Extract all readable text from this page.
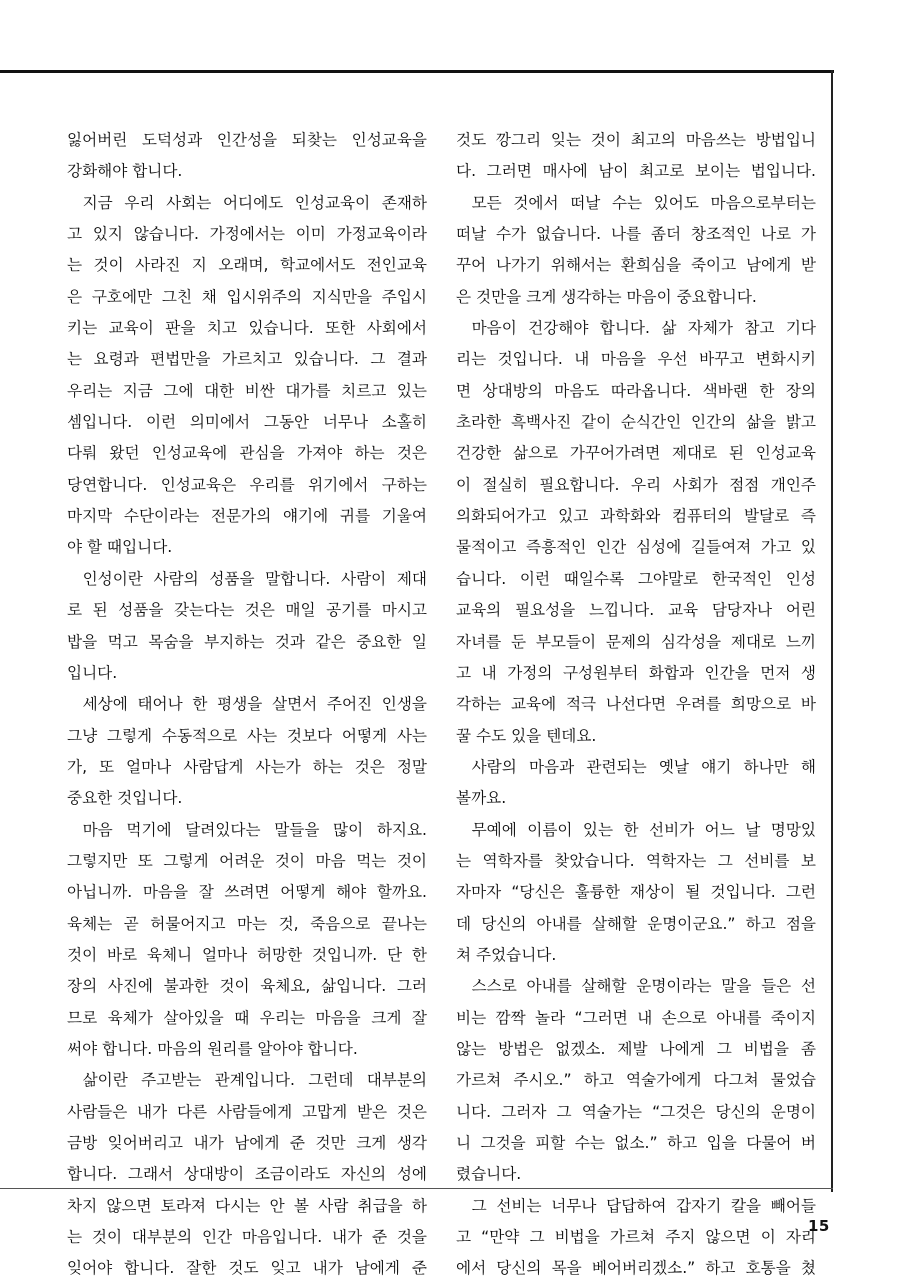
잃어버린 도덕성과 인간성을 되찾는 인성교육을
강화해야 합니다.
지금 우리 사회는 어디에도 인성교육이 존재하
고 있지 않습니다. 가정에서는 이미 가정교육이라
는 것이 사라진 지 오래며, 학교에서도 전인교육
은 구호에만 그친 채 입시위주의 지식만을 주입시
키는 교육이 판을 치고 있습니다. 또한 사회에서
는 요령과 편법만을 가르치고 있습니다. 그 결과
우리는 지금 그에 대한 비싼 대가를 치르고 있는
셈입니다. 이런 의미에서 그동안 너무나 소홀히
다뤄 왔던 인성교육에 관심을 가져야 하는 것은
당연합니다. 인성교육은 우리를 위기에서 구하는
마지막 수단이라는 전문가의 얘기에 귀를 기울여
야 할 때입니다.
인성이란 사람의 성품을 말합니다. 사람이 제대
로 된 성품을 갖는다는 것은 매일 공기를 마시고
밥을 먹고 목숨을 부지하는 것과 같은 중요한 일
입니다.
세상에 태어나 한 평생을 살면서 주어진 인생을
그냥 그렇게 수동적으로 사는 것보다 어떻게 사는
가, 또 얼마나 사람답게 사는가 하는 것은 정말
중요한 것입니다.
마음 먹기에 달려있다는 말들을 많이 하지요.
그렇지만 또 그렇게 어려운 것이 마음 먹는 것이
아닙니까. 마음을 잘 쓰려면 어떻게 해야 할까요.
육체는 곧 허물어지고 마는 것, 죽음으로 끝나는
것이 바로 육체니 얼마나 허망한 것입니까. 단 한
장의 사진에 불과한 것이 육체요, 삶입니다. 그러
므로 육체가 살아있을 때 우리는 마음을 크게 잘
써야 합니다. 마음의 원리를 알아야 합니다.
삶이란 주고받는 관계입니다. 그런데 대부분의
사람들은 내가 다른 사람들에게 고맙게 받은 것은
금방 잊어버리고 내가 남에게 준 것만 크게 생각
합니다. 그래서 상대방이 조금이라도 자신의 성에
차지 않으면 토라져 다시는 안 볼 사람 취급을 하
는 것이 대부분의 인간 마음입니다. 내가 준 것을
잊어야 합니다. 잘한 것도 잊고 내가 남에게 준
것도 깡그리 잊는 것이 최고의 마음쓰는 방법입니
다. 그러면 매사에 남이 최고로 보이는 법입니다.
모든 것에서 떠날 수는 있어도 마음으로부터는
떠날 수가 없습니다. 나를 좀더 창조적인 나로 가
꾸어 나가기 위해서는 환희심을 죽이고 남에게 받
은 것만을 크게 생각하는 마음이 중요합니다.
마음이 건강해야 합니다. 삶 자체가 참고 기다
리는 것입니다. 내 마음을 우선 바꾸고 변화시키
면 상대방의 마음도 따라옵니다. 색바랜 한 장의
초라한 흑백사진 같이 순식간인 인간의 삶을 밝고
건강한 삶으로 가꾸어가려면 제대로 된 인성교육
이 절실히 필요합니다. 우리 사회가 점점 개인주
의화되어가고 있고 과학화와 컴퓨터의 발달로 즉
물적이고 즉흥적인 인간 심성에 길들여져 가고 있
습니다. 이런 때일수록 그야말로 한국적인 인성
교육의 필요성을 느낍니다. 교육 담당자나 어린
자녀를 둔 부모들이 문제의 심각성을 제대로 느끼
고 내 가정의 구성원부터 화합과 인간을 먼저 생
각하는 교육에 적극 나선다면 우려를 희망으로 바
꿀 수도 있을 텐데요.
사람의 마음과 관련되는 옛날 얘기 하나만 해
볼까요.
무예에 이름이 있는 한 선비가 어느 날 명망있
는 역학자를 찾았습니다. 역학자는 그 선비를 보
자마자 “당신은 훌륭한 재상이 될 것입니다. 그런
데 당신의 아내를 살해할 운명이군요.” 하고 점을
쳐 주었습니다.
스스로 아내를 살해할 운명이라는 말을 들은 선
비는 깜짝 놀라 “그러면 내 손으로 아내를 죽이지
않는 방법은 없겠소. 제발 나에게 그 비법을 좀
가르쳐 주시오.” 하고 역술가에게 다그쳐 물었습
니다. 그러자 그 역술가는 “그것은 당신의 운명이
니 그것을 피할 수는 없소.” 하고 입을 다물어 버
렸습니다.
그 선비는 너무나 답답하여 갑자기 칼을 빼어들
고 “만약 그 비법을 가르쳐 주지 않으면 이 자리
에서 당신의 목을 베어버리겠소.” 하고 호통을 쳤
15
